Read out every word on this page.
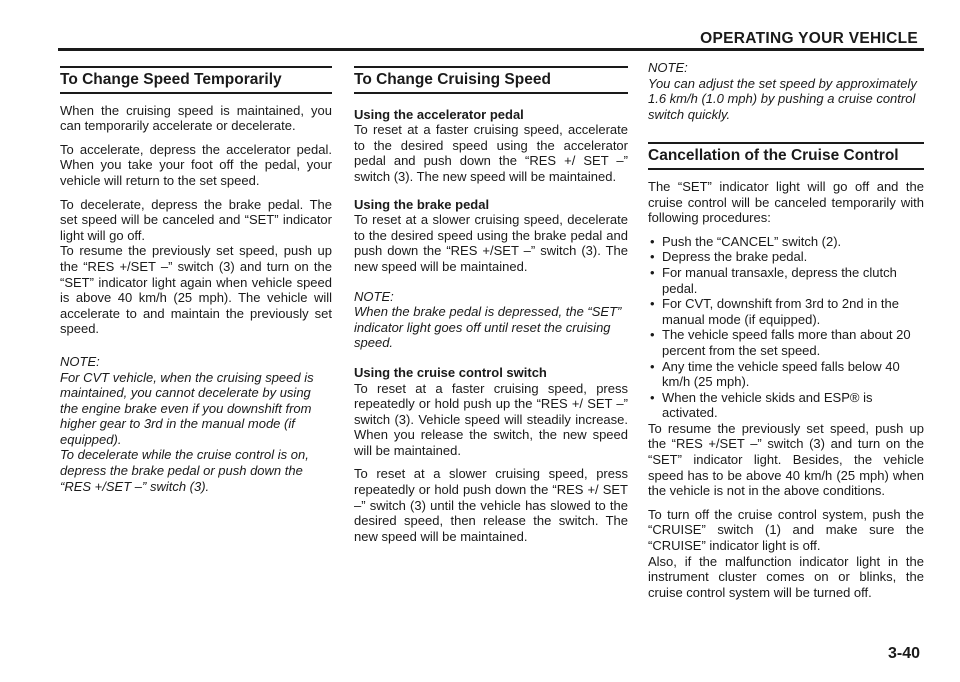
OPERATING YOUR VEHICLE
To Change Speed Temporarily

When the cruising speed is maintained, you can temporarily accelerate or decelerate.

To accelerate, depress the accelerator pedal. When you take your foot off the pedal, your vehicle will return to the set speed.

To decelerate, depress the brake pedal. The set speed will be canceled and “SET” indicator light will go off.

To resume the previously set speed, push up the “RES +/SET –” switch (3) and turn on the “SET” indicator light again when vehicle speed is above 40 km/h (25 mph). The vehicle will accelerate to and maintain the previously set speed.

NOTE:
For CVT vehicle, when the cruising speed is maintained, you cannot decelerate by using the engine brake even if you downshift from higher gear to 3rd in the manual mode (if equipped).
To decelerate while the cruise control is on, depress the brake pedal or push down the “RES +/SET –” switch (3).
To Change Cruising Speed
Using the accelerator pedal

To reset at a faster cruising speed, accelerate to the desired speed using the accelerator pedal and push down the “RES +/ SET –” switch (3). The new speed will be maintained.

Using the brake pedal

To reset at a slower cruising speed, decelerate to the desired speed using the brake pedal and push down the “RES +/SET –” switch (3). The new speed will be maintained.

NOTE:
When the brake pedal is depressed, the “SET” indicator light goes off until reset the cruising speed.
Using the cruise control switch

To reset at a faster cruising speed, press repeatedly or hold push up the “RES +/ SET –” switch (3). Vehicle speed will steadily increase. When you release the switch, the new speed will be maintained.

To reset at a slower cruising speed, press repeatedly or hold push down the “RES +/ SET –” switch (3) until the vehicle has slowed to the desired speed, then release the switch. The new speed will be maintained.

NOTE:
You can adjust the set speed by approximately 1.6 km/h (1.0 mph) by pushing a cruise control switch quickly.
Cancellation of the Cruise Control

The “SET” indicator light will go off and the cruise control will be canceled temporarily with following procedures:

• Push the “CANCEL” switch (2).
• Depress the brake pedal.
• For manual transaxle, depress the clutch pedal.
• For CVT, downshift from 3rd to 2nd in the manual mode (if equipped).
• The vehicle speed falls more than about 20 percent from the set speed.
• Any time the vehicle speed falls below 40 km/h (25 mph).
• When the vehicle skids and ESP® is activated.

To resume the previously set speed, push up the “RES +/SET –” switch (3) and turn on the “SET” indicator light. Besides, the vehicle speed has to be above 40 km/h (25 mph) when the vehicle is not in the above conditions.

To turn off the cruise control system, push the “CRUISE” switch (1) and make sure the “CRUISE” indicator light is off.

Also, if the malfunction indicator light in the instrument cluster comes on or blinks, the cruise control system will be turned off.

3-40
